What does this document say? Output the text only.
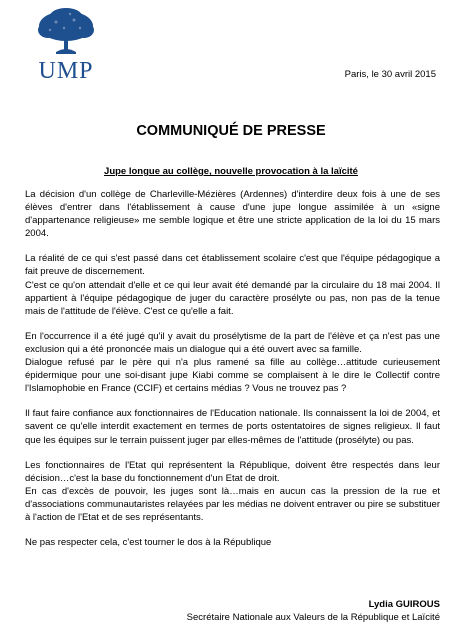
UMP	Paris, le 30 avril 2015
COMMUNIQUÉ DE PRESSE
Jupe longue au collège, nouvelle provocation à la laïcité

La décision d'un collège de Charleville-Mézières (Ardennes) d'interdire deux fois à une de ses élèves d'entrer dans l'établissement à cause d'une jupe longue assimilée à un «signe d'appartenance religieuse» me semble logique et être une stricte application de la loi du 15 mars 2004.

La réalité de ce qui s'est passé dans cet établissement scolaire c'est que l'équipe pédagogique a fait preuve de discernement.

C'est ce qu'on attendait d'elle et ce qui leur avait été demandé par la circulaire du 18 mai 2004. Il appartient à l'équipe pédagogique de juger du caractère prosélyte ou pas, non pas de la tenue mais de l'attitude de l'élève. C'est ce qu'elle a fait.

En l'occurrence il a été jugé qu'il y avait du prosélytisme de la part de l'élève et ça n'est pas une exclusion qui a été prononcée mais un dialogue qui a été ouvert avec sa famille.

Dialogue refusé par le père qui n'a plus ramené sa fille au collège…attitude curieusement épidermique pour une soi-disant jupe Kiabi comme se complaisent à le dire le Collectif contre l'Islamophobie en France (CCIF) et certains médias ? Vous ne trouvez pas ?

Il faut faire confiance aux fonctionnaires de l'Education nationale. Ils connaissent la loi de 2004, et savent ce qu'elle interdit exactement en termes de ports ostentatoires de signes religieux. Il faut que les équipes sur le terrain puissent juger par elles-mêmes de l'attitude (prosélyte) ou pas.

Les fonctionnaires de l'Etat qui représentent la République, doivent être respectés dans leur décision…c'est la base du fonctionnement d'un Etat de droit.

En cas d'excès de pouvoir, les juges sont là…mais en aucun cas la pression de la rue et d'associations communautaristes relayées par les médias ne doivent entraver ou pire se substituer à l'action de l'Etat et de ses représentants.

Ne pas respecter cela, c'est tourner le dos à la République

Lydia GUIROUS
Secrétaire Nationale aux Valeurs de la République et Laïcité
